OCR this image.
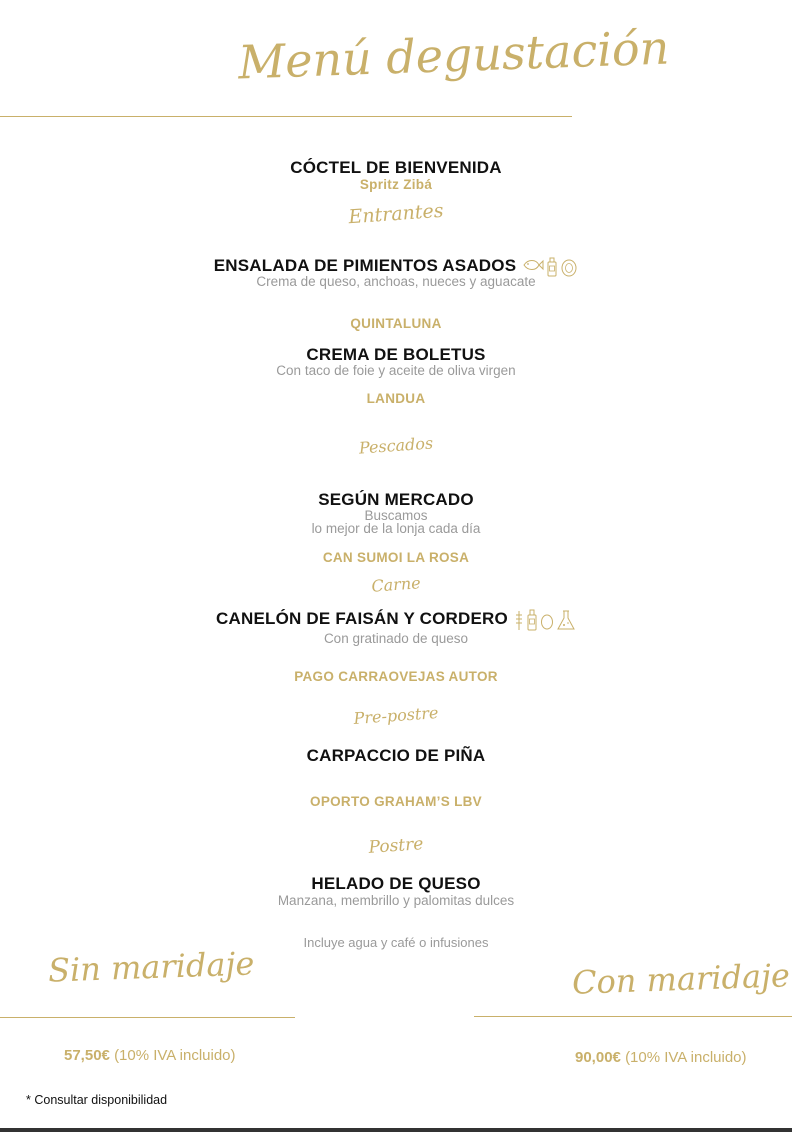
Menú degustación
CÓCTEL DE BIENVENIDA
Spritz Zibá
Entrantes
ENSALADA DE PIMIENTOS ASADOS
Crema de queso, anchoas, nueces y aguacate
QUINTALUNA
CREMA DE BOLETUS
Con taco de foie y aceite de oliva virgen
LANDUA
Pescados
SEGÚN MERCADO
Buscamos
lo mejor de la lonja cada día
CAN SUMOI LA ROSA
Carne
CANELÓN DE FAISÁN Y CORDERO
Con gratinado de queso
PAGO CARRAOVEJAS AUTOR
Pre-postre
CARPACCIO DE PIÑA
OPORTO GRAHAM’S LBV
Postre
HELADO DE QUESO
Manzana, membrillo y palomitas dulces
Incluye agua y café o infusiones
Sin maridaje
57,50€ (10% IVA incluido)
Con maridaje
90,00€ (10% IVA incluido)
* Consultar disponibilidad
